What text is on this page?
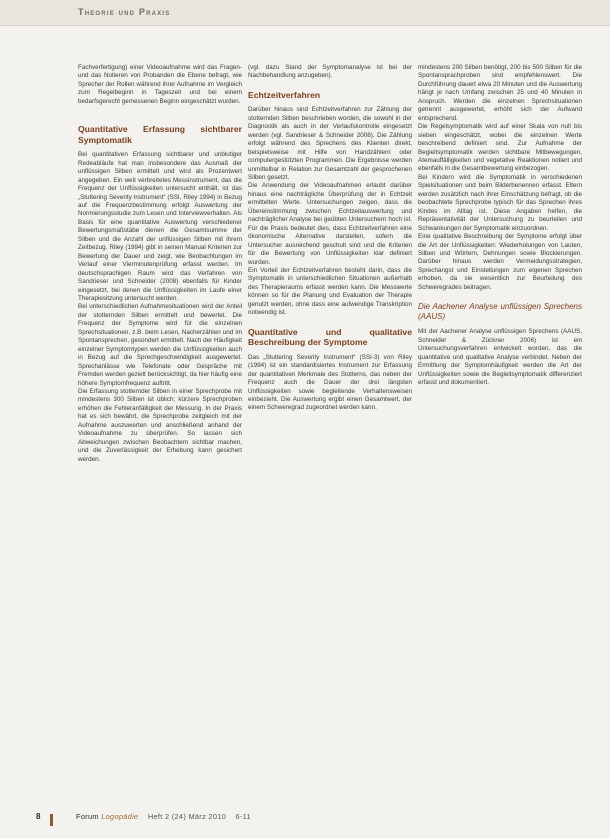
Theorie und Praxis

Fachverfertigung) einer Videoaufnahme wird das Fragen- und das Notieren von Probanden die Ebene befragt, wie Sprecher der Rollen während ihrer Aufnahme im Vergleich zum Regelbeginn in Tageszeit und bei einem bedarfsgerecht gemessenen Beginn eingeschätzt wurden.

Quantitative Erfassung sichtbarer Symptomatik

Bei quantitativen Erfassung sichtbarer und unblutiger Redeabläufe hat man insbesondere das Ausmaß der unflüssigen Silben ermittelt und wird als Prozentwert angegeben. Ein weit verbreitetes Messinstrument, das die Frequenz der Unflüssigkeiten untersucht enthält, ist das „Stuttering Severity Instrument“ (SSI, Riley 1994) in Bezug auf die Frequenzbestimmung erfolgt Auswertung der Normierungsstudie zum Lesen und Interviewverhalten. Als Basis für eine quantitative Auswertung verschiedener Bewertungsmaßstäbe dienen die Gesamtsumme der Silben und die Anzahl der unflüssigen Silben mit ihrem Zeitbezug. Riley (1994) gibt in seinen Manual Kriterien zur Bewertung der Dauer und zeigt, wie Beobachtungen im Verlauf einer Vierminutenprüfung erfasst werden. Im deutschsprachigen Raum wird das Verfahren von Sandrieser und Schneider (2008) ebenfalls für Kinder eingesetzt, bei denen die Unflüssigkeiten im Laufe einer Therapiesitzung untersucht werden.

Bei unterschiedlichen Aufnahmesituationen wird der Anteil der stotternden Silben ermittelt und bewertet. Die Frequenz der Symptome wird für die einzelnen Sprechsituationen, z.B. beim Lesen, Nacherzählen und im Spontansprechen, gesondert ermittelt. Nach der Häufigkeit einzelner Symptomtypen werden die Unflüssigkeiten auch in Bezug auf die Sprechgeschwindigkeit ausgewertet. Sprechanlässe wie Telefonate oder Gespräche mit Fremden werden gezielt berücksichtigt, da hier häufig eine höhere Symptomfrequenz auftritt.

Die Erfassung stotternder Silben in einer Sprechprobe mit mindestens 300 Silben ist üblich; kürzere Sprechproben erhöhen die Fehleranfälligkeit der Messung. In der Praxis hat es sich bewährt, die Sprechprobe zeitgleich mit der Aufnahme auszuwerten und anschließend anhand der Videoaufnahme zu überprüfen. So lassen sich Abweichungen zwischen Beobachtern sichtbar machen, und die Zuverlässigkeit der Erhebung kann gesichert werden.

(vgl. dazu Stand der Symptomanalyse ist bei der Nachbehandlung anzugeben).

Echtzeitverfahren

Darüber hinaus sind Echtzeitverfahren zur Zählung der stotternden Silben beschrieben worden, die sowohl in der Diagnostik als auch in der Verlaufskontrolle eingesetzt werden (vgl. Sandrieser & Schneider 2008). Die Zählung erfolgt während des Sprechens des Klienten direkt, beispielsweise mit Hilfe von Handzählern oder computergestützten Programmen. Die Ergebnisse werden unmittelbar in Relation zur Gesamtzahl der gesprochenen Silben gesetzt.

Die Anwendung der Videoaufnahmen erlaubt darüber hinaus eine nachträgliche Überprüfung der in Echtzeit ermittelten Werte. Untersuchungen zeigen, dass die Übereinstimmung zwischen Echtzeitauswertung und nachträglicher Analyse bei geübten Untersuchern hoch ist. Für die Praxis bedeutet dies, dass Echtzeitverfahren eine ökonomische Alternative darstellen, sofern die Untersucher ausreichend geschult sind und die Kriterien für die Bewertung von Unflüssigkeiten klar definiert wurden.

Ein Vorteil der Echtzeitverfahren besteht darin, dass die Symptomatik in unterschiedlichen Situationen außerhalb des Therapieraums erfasst werden kann. Die Messwerte können so für die Planung und Evaluation der Therapie genutzt werden, ohne dass eine aufwendige Transkription notwendig ist.

Quantitative und qualitative Beschreibung der Symptome

Das „Stuttering Severity Instrument“ (SSI-3) von Riley (1994) ist ein standardisiertes Instrument zur Erfassung der quantitativen Merkmale des Stotterns, das neben der Frequenz auch die Dauer der drei längsten Unflüssigkeiten sowie begleitende Verhaltensweisen einbezieht. Die Auswertung ergibt einen Gesamtwert, der einem Schweregrad zugeordnet werden kann.

mindestens 200 Silben benötigt, 200 bis 500 Silben für die Spontansprachproben sind empfehlenswert. Die Durchführung dauert etwa 20 Minuten und die Auswertung hängt je nach Umfang zwischen 25 und 40 Minuten in Anspruch. Werden die einzelnen Sprechsituationen getrennt ausgewertet, erhöht sich der Aufwand entsprechend.

Die Regelsymptomatik wird auf einer Skala von null bis sieben eingeschätzt, wobei die einzelnen Werte beschreibend definiert sind. Zur Aufnahme der Begleitsymptomatik werden sichtbare Mitbewegungen, Atemauffälligkeiten und vegetative Reaktionen notiert und ebenfalls in die Gesamtbewertung einbezogen.

Bei Kindern wird die Symptomatik in verschiedenen Spielsituationen und beim Bilderbenennen erfasst. Eltern werden zusätzlich nach ihrer Einschätzung befragt, ob die beobachtete Sprechprobe typisch für das Sprechen ihres Kindes im Alltag ist. Diese Angaben helfen, die Repräsentativität der Untersuchung zu beurteilen und Schwankungen der Symptomatik einzuordnen.

Eine qualitative Beschreibung der Symptome erfolgt über die Art der Unflüssigkeiten: Wiederholungen von Lauten, Silben und Wörtern, Dehnungen sowie Blockierungen. Darüber hinaus werden Vermeidungsstrategien, Sprechangst und Einstellungen zum eigenen Sprechen erhoben, da sie wesentlich zur Beurteilung des Schweregrades beitragen.

Die Aachener Analyse unflüssigen Sprechens (AAUS)

Mit der Aachener Analyse unflüssigen Sprechens (AAUS, Schneider & Zückner 2006) ist ein Untersuchungsverfahren entwickelt worden, das die quantitative und qualitative Analyse verbindet. Neben der Ermittlung der Symptomhäufigkeit werden die Art der Unflüssigkeiten sowie die Begleitsymptomatik differenziert erfasst und dokumentiert.

8	Forum Logopädie Heft 2 (24) März 2010 6-11
